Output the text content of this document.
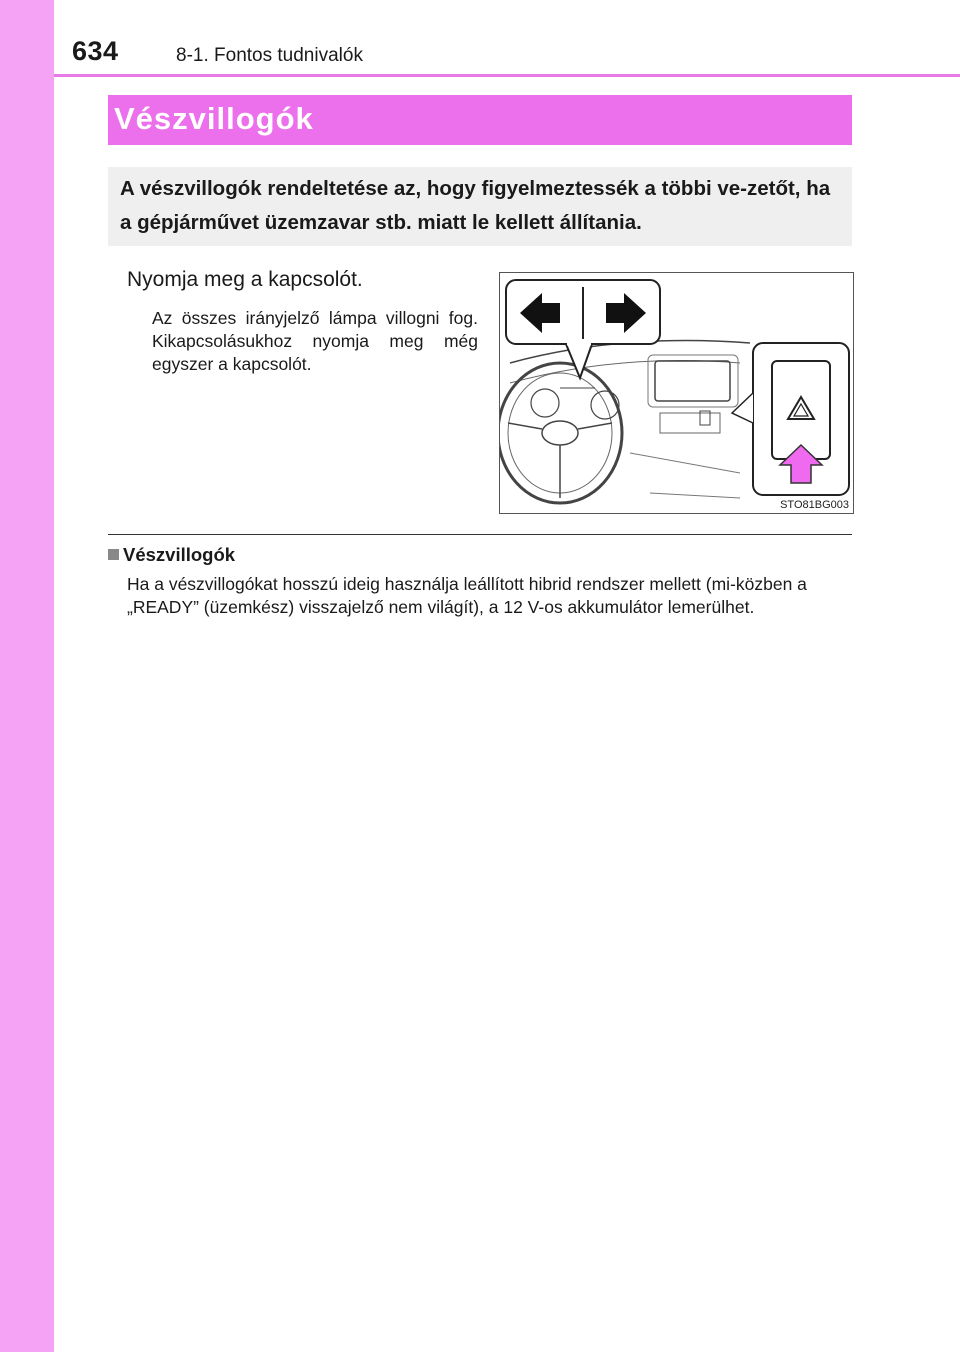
634	8-1. Fontos tudnivalók
Vészvillogók

A vészvillogók rendeltetése az, hogy figyelmeztessék a többi ve-zetőt, ha a gépjárművet üzemzavar stb. miatt le kellett állítania.

Nyomja meg a kapcsolót.

Az összes irányjelző lámpa villogni fog. Kikapcsolásukhoz nyomja meg még egyszer a kapcsolót.

STO81BG003
Vészvillogók

Ha a vészvillogókat hosszú ideig használja leállított hibrid rendszer mellett (mi-közben a „READY” (üzemkész) visszajelző nem világít), a 12 V-os akkumulátor lemerülhet.
